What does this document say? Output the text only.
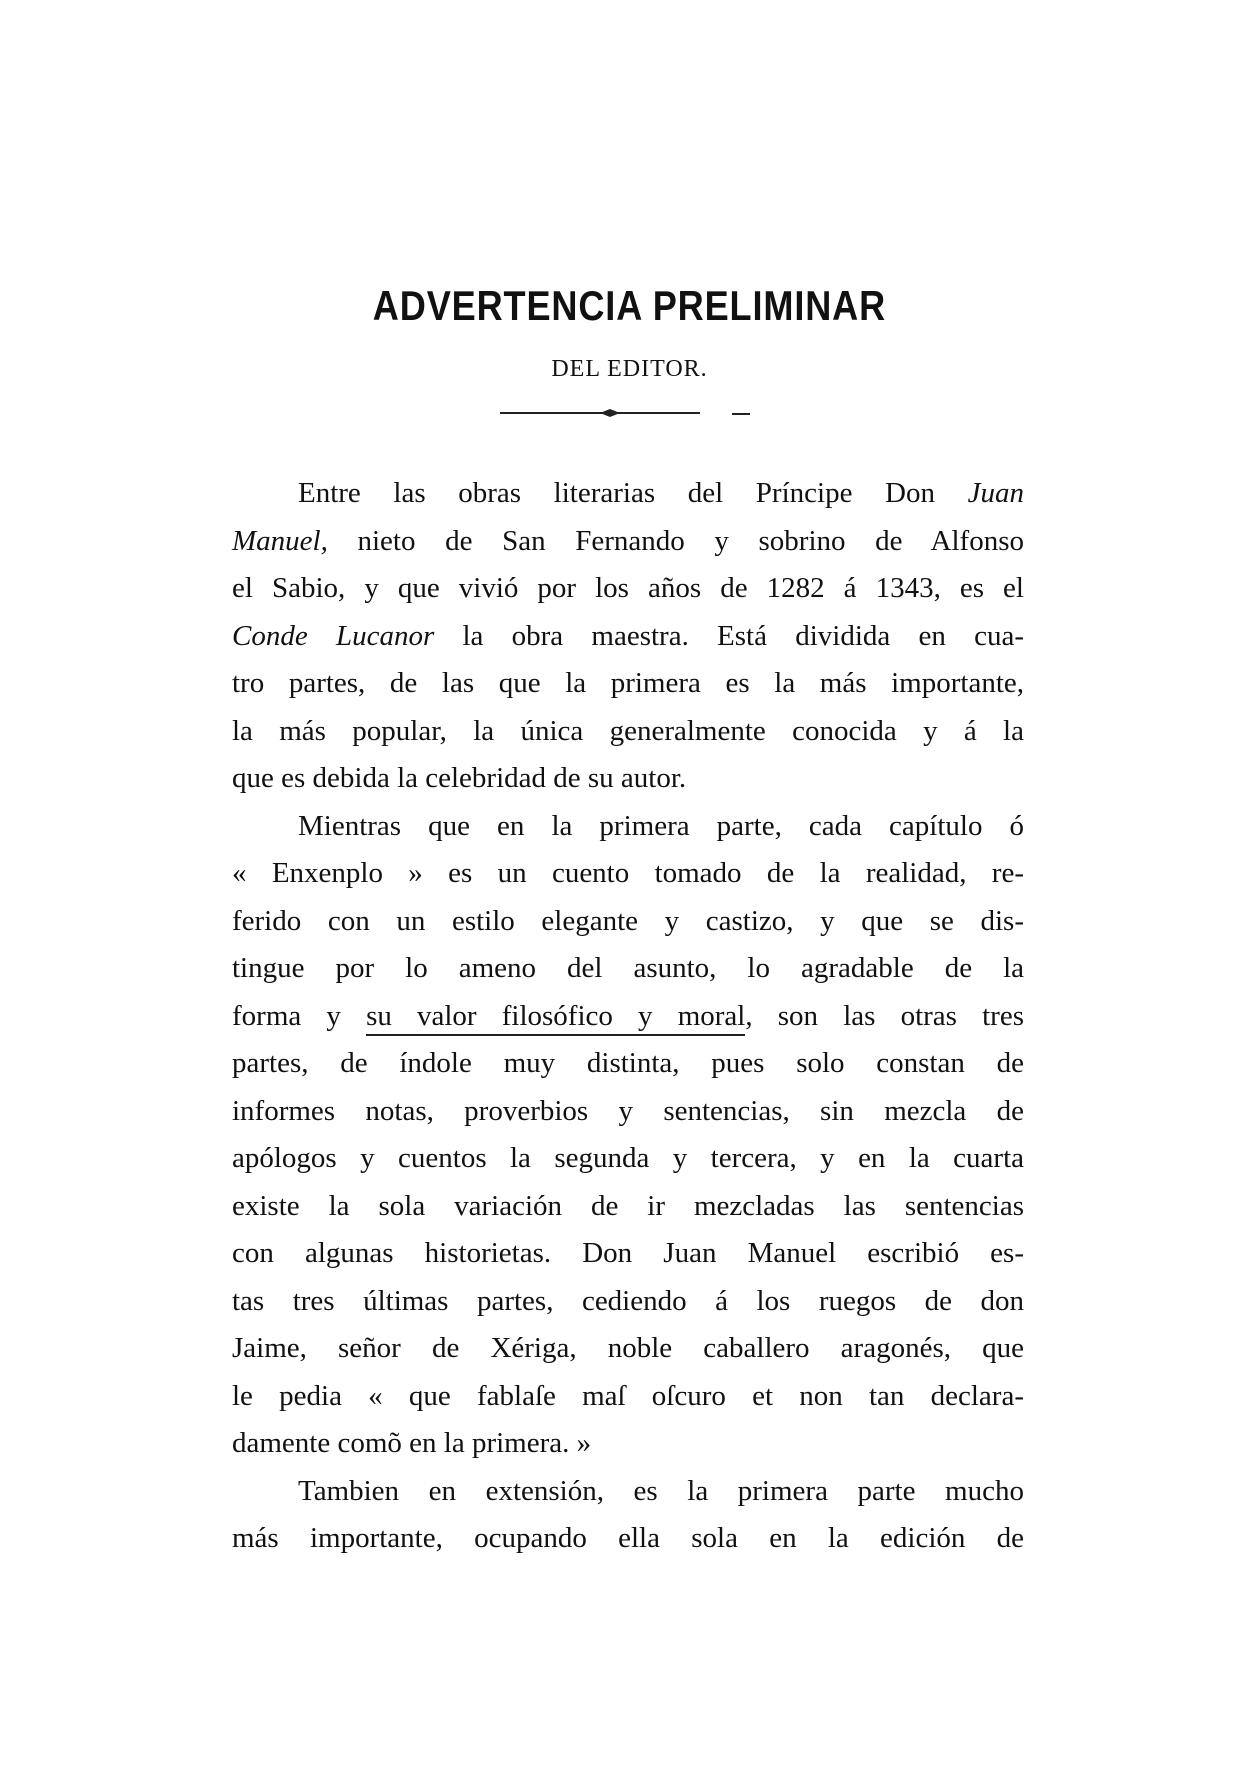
ADVERTENCIA PRELIMINAR
DEL EDITOR.
Entre las obras literarias del Príncipe Don Juan
Manuel, nieto de San Fernando y sobrino de Alfonso
el Sabio, y que vivió por los años de 1282 á 1343, es el
Conde Lucanor la obra maestra. Está dividida en cua-
tro partes, de las que la primera es la más importante,
la más popular, la única generalmente conocida y á la
que es debida la celebridad de su autor.
Mientras que en la primera parte, cada capítulo ó
« Enxenplo » es un cuento tomado de la realidad, re-
ferido con un estilo elegante y castizo, y que se dis-
tingue por lo ameno del asunto, lo agradable de la
forma y su valor filosófico y moral, son las otras tres
partes, de índole muy distinta, pues solo constan de
informes notas, proverbios y sentencias, sin mezcla de
apólogos y cuentos la segunda y tercera, y en la cuarta
existe la sola variación de ir mezcladas las sentencias
con algunas historietas. Don Juan Manuel escribió es-
tas tres últimas partes, cediendo á los ruegos de don
Jaime, señor de Xériga, noble caballero aragonés, que
le pedia « que fablaſe maſ oſcuro et non tan declara-
damente comõ en la primera. »
Tambien en extensión, es la primera parte mucho
más importante, ocupando ella sola en la edición de
